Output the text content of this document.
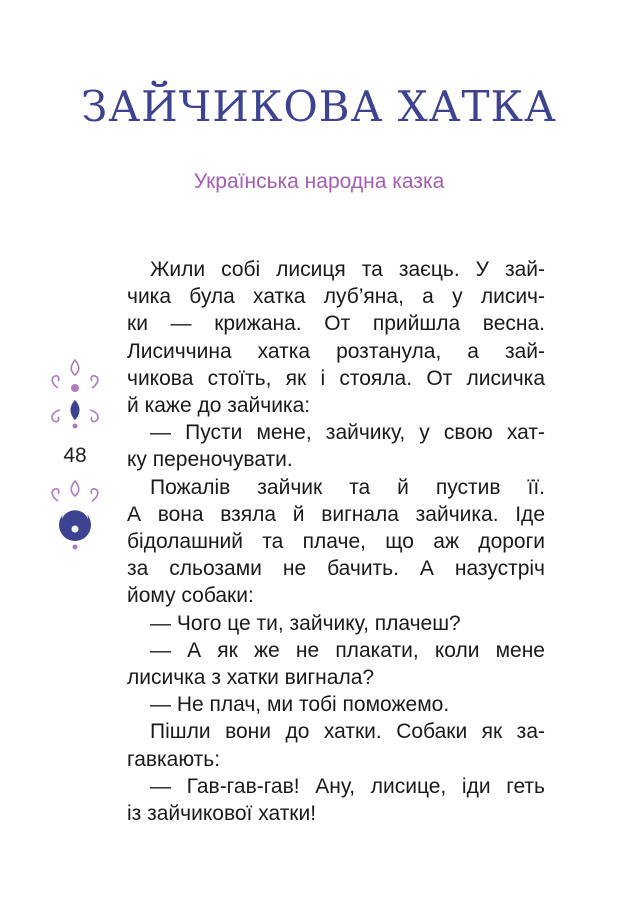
ЗАЙЧИКОВА ХАТКА
Українська народна казка
48
Жили собі лисиця та заєць. У зай-
чика була хатка луб’яна, а у лисич-
ки — крижана. От прийшла весна.
Лисиччина хатка розтанула, а зай-
чикова стоїть, як і стояла. От лисичка
й каже до зайчика:
— Пусти мене, зайчику, у свою хат-
ку переночувати.
Пожалів зайчик та й пустив її.
А вона взяла й вигнала зайчика. Іде
бідолашний та плаче, що аж дороги
за сльозами не бачить. А назустріч
йому собаки:
— Чого це ти, зайчику, плачеш?
— А як же не плакати, коли мене
лисичка з хатки вигнала?
— Не плач, ми тобі поможемо.
Пішли вони до хатки. Собаки як за-
гавкають:
— Гав-гав-гав! Ану, лисице, іди геть
із зайчикової хатки!
